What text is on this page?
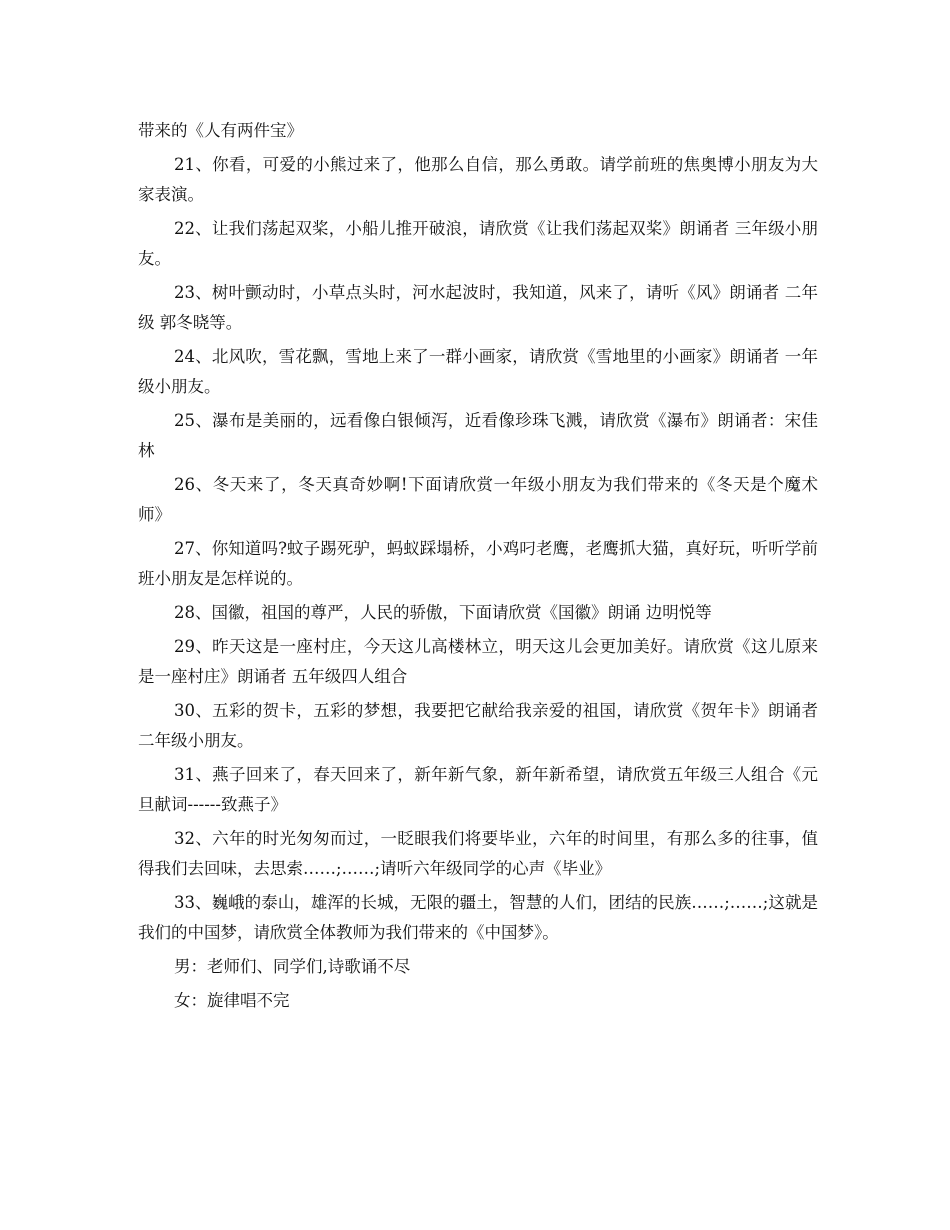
带来的《人有两件宝》

21、你看，可爱的小熊过来了，他那么自信，那么勇敢。请学前班的焦奥博小朋友为大家表演。

22、让我们荡起双桨，小船儿推开破浪，请欣赏《让我们荡起双桨》朗诵者 三年级小朋友。

23、树叶颤动时，小草点头时，河水起波时，我知道，风来了，请听《风》朗诵者 二年级 郭冬晓等。

24、北风吹，雪花飘，雪地上来了一群小画家，请欣赏《雪地里的小画家》朗诵者 一年级小朋友。

25、瀑布是美丽的，远看像白银倾泻，近看像珍珠飞溅，请欣赏《瀑布》朗诵者：宋佳林

26、冬天来了，冬天真奇妙啊!下面请欣赏一年级小朋友为我们带来的《冬天是个魔术师》

27、你知道吗?蚊子踢死驴，蚂蚁踩塌桥，小鸡叼老鹰，老鹰抓大猫，真好玩，听听学前班小朋友是怎样说的。

28、国徽，祖国的尊严，人民的骄傲，下面请欣赏《国徽》朗诵 边明悦等

29、昨天这是一座村庄，今天这儿高楼林立，明天这儿会更加美好。请欣赏《这儿原来是一座村庄》朗诵者 五年级四人组合

30、五彩的贺卡，五彩的梦想，我要把它献给我亲爱的祖国，请欣赏《贺年卡》朗诵者 二年级小朋友。

31、燕子回来了，春天回来了，新年新气象，新年新希望，请欣赏五年级三人组合《元旦献词------致燕子》

32、六年的时光匆匆而过，一眨眼我们将要毕业，六年的时间里，有那么多的往事，值得我们去回味，去思索……;……;请听六年级同学的心声《毕业》

33、巍峨的泰山，雄浑的长城，无限的疆土，智慧的人们，团结的民族……;……;这就是我们的中国梦，请欣赏全体教师为我们带来的《中国梦》。

男：老师们、同学们,诗歌诵不尽

女：旋律唱不完
